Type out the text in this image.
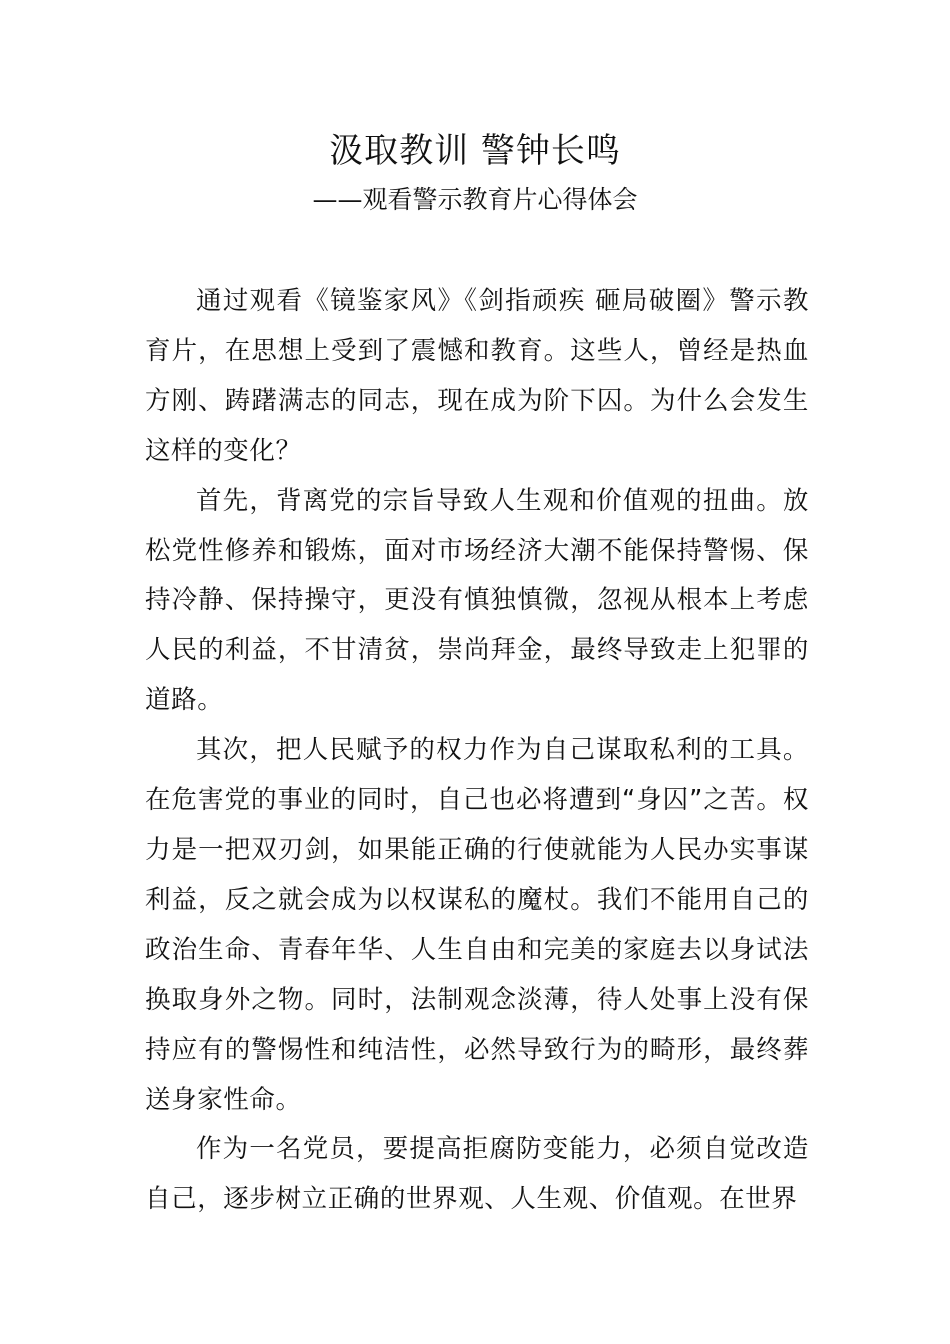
汲取教训 警钟长鸣
——观看警示教育片心得体会

通过观看《镜鉴家风》《剑指顽疾 砸局破圈》警示教育片，在思想上受到了震憾和教育。这些人，曾经是热血方刚、踌躇满志的同志，现在成为阶下囚。为什么会发生这样的变化？

首先，背离党的宗旨导致人生观和价值观的扭曲。放松党性修养和锻炼，面对市场经济大潮不能保持警惕、保持冷静、保持操守，更没有慎独慎微，忽视从根本上考虑人民的利益，不甘清贫，崇尚拜金，最终导致走上犯罪的道路。

其次，把人民赋予的权力作为自己谋取私利的工具。在危害党的事业的同时，自己也必将遭到“身囚”之苦。权力是一把双刃剑，如果能正确的行使就能为人民办实事谋利益，反之就会成为以权谋私的魔杖。我们不能用自己的政治生命、青春年华、人生自由和完美的家庭去以身试法换取身外之物。同时，法制观念淡薄，待人处事上没有保持应有的警惕性和纯洁性，必然导致行为的畸形，最终葬送身家性命。

作为一名党员，要提高拒腐防变能力，必须自觉改造自己，逐步树立正确的世界观、人生观、价值观。在世界
